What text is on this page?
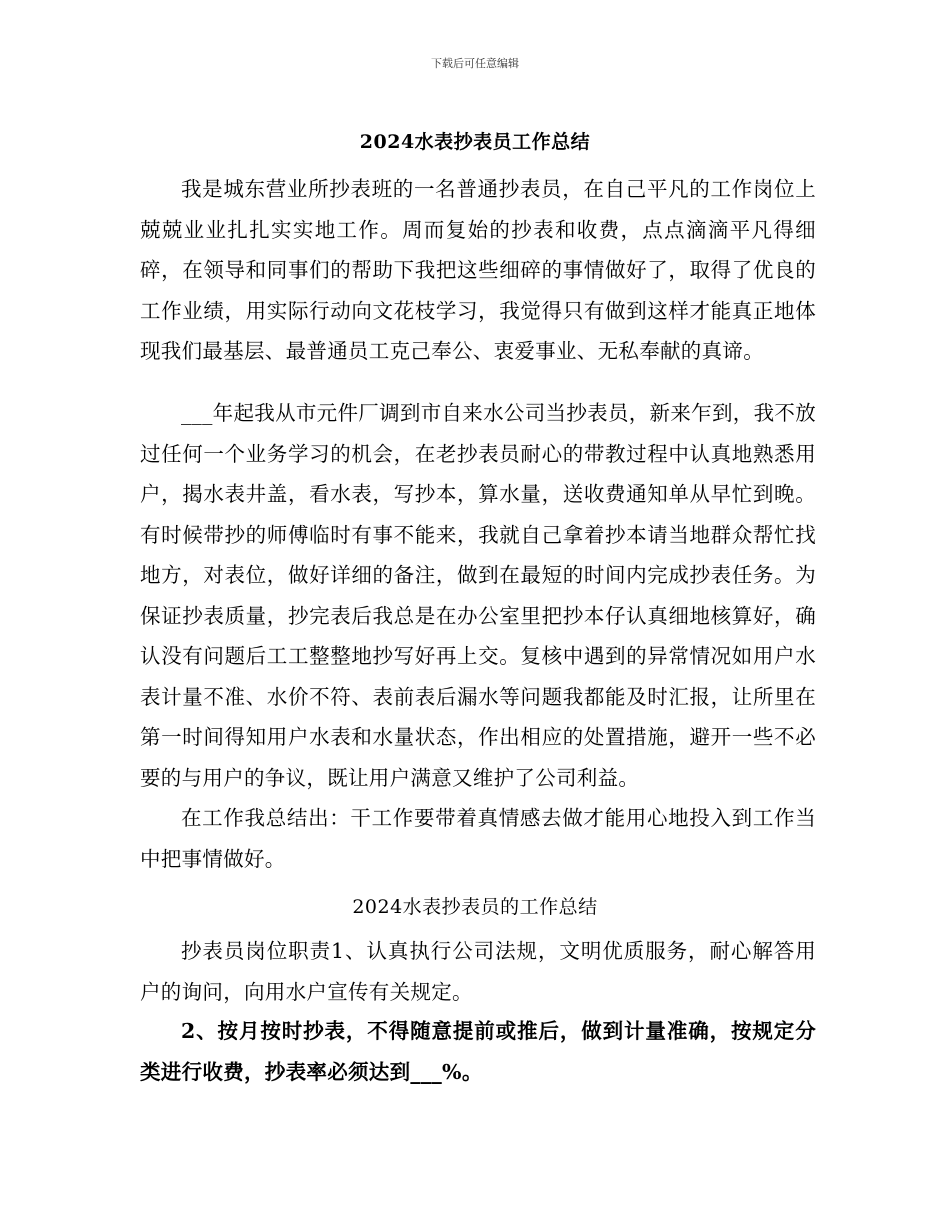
下载后可任意编辑
2024水表抄表员工作总结
我是城东营业所抄表班的一名普通抄表员，在自己平凡的工作岗位上兢兢业业扎扎实实地工作。周而复始的抄表和收费，点点滴滴平凡得细碎，在领导和同事们的帮助下我把这些细碎的事情做好了，取得了优良的工作业绩，用实际行动向文花枝学习，我觉得只有做到这样才能真正地体现我们最基层、最普通员工克己奉公、衷爱事业、无私奉献的真谛。
___年起我从市元件厂调到市自来水公司当抄表员，新来乍到，我不放过任何一个业务学习的机会，在老抄表员耐心的带教过程中认真地熟悉用户，揭水表井盖，看水表，写抄本，算水量，送收费通知单从早忙到晚。有时候带抄的师傅临时有事不能来，我就自己拿着抄本请当地群众帮忙找地方，对表位，做好详细的备注，做到在最短的时间内完成抄表任务。为保证抄表质量，抄完表后我总是在办公室里把抄本仔认真细地核算好，确认没有问题后工工整整地抄写好再上交。复核中遇到的异常情况如用户水表计量不准、水价不符、表前表后漏水等问题我都能及时汇报，让所里在第一时间得知用户水表和水量状态，作出相应的处置措施，避开一些不必要的与用户的争议，既让用户满意又维护了公司利益。
在工作我总结出：干工作要带着真情感去做才能用心地投入到工作当中把事情做好。
2024水表抄表员的工作总结
抄表员岗位职责1、认真执行公司法规，文明优质服务，耐心解答用户的询问，向用水户宣传有关规定。
2、按月按时抄表，不得随意提前或推后，做到计量准确，按规定分类进行收费，抄表率必须达到___%。
